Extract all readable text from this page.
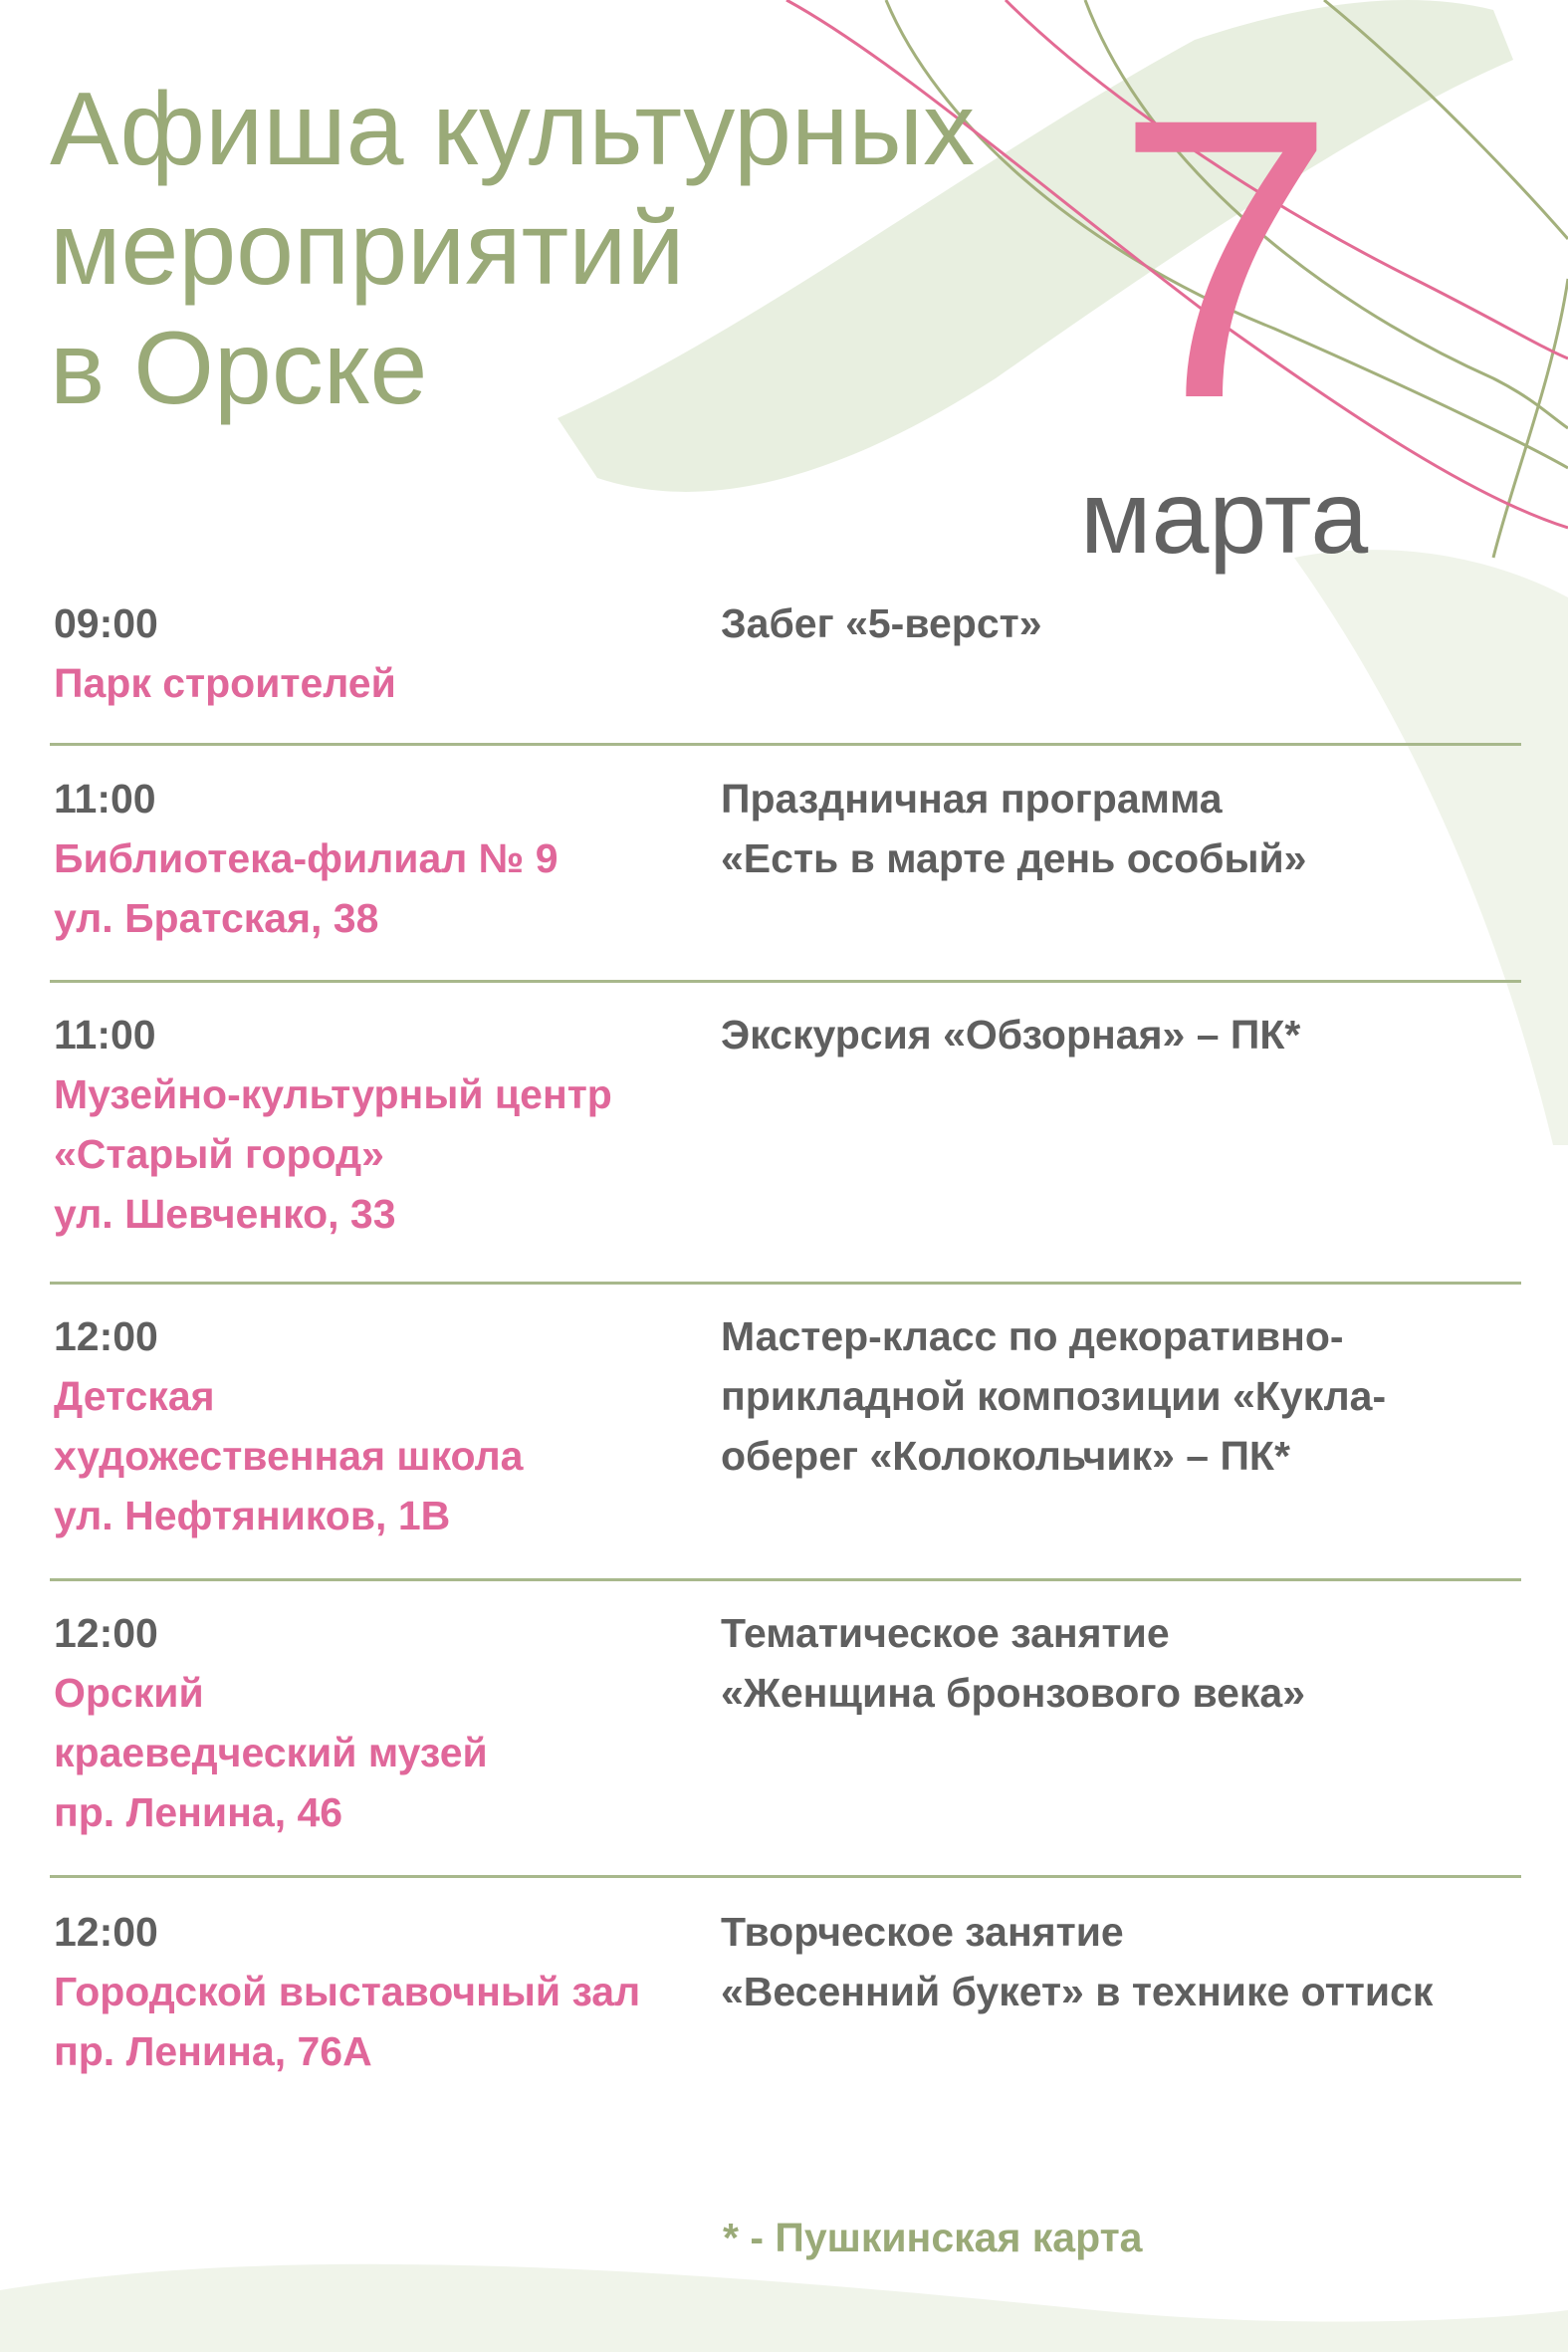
Афиша культурных
мероприятий
в Орске	7
марта
09:00
Парк строителей
Забег «5-верст»
11:00
Библиотека-филиал № 9
ул. Братская, 38
Праздничная программа
«Есть в марте день особый»
11:00
Музейно-культурный центр
«Старый город»
ул. Шевченко, 33
Экскурсия «Обзорная» – ПК*
12:00
Детская
художественная школа
ул. Нефтяников, 1В
Мастер-класс по декоративно-
прикладной композиции «Кукла-
оберег «Колокольчик» – ПК*
12:00
Орский
краеведческий музей
пр. Ленина, 46
Тематическое занятие
«Женщина бронзового века»
12:00
Городской выставочный зал
пр. Ленина, 76А
Творческое занятие
«Весенний букет» в технике оттиск
* - Пушкинская карта
